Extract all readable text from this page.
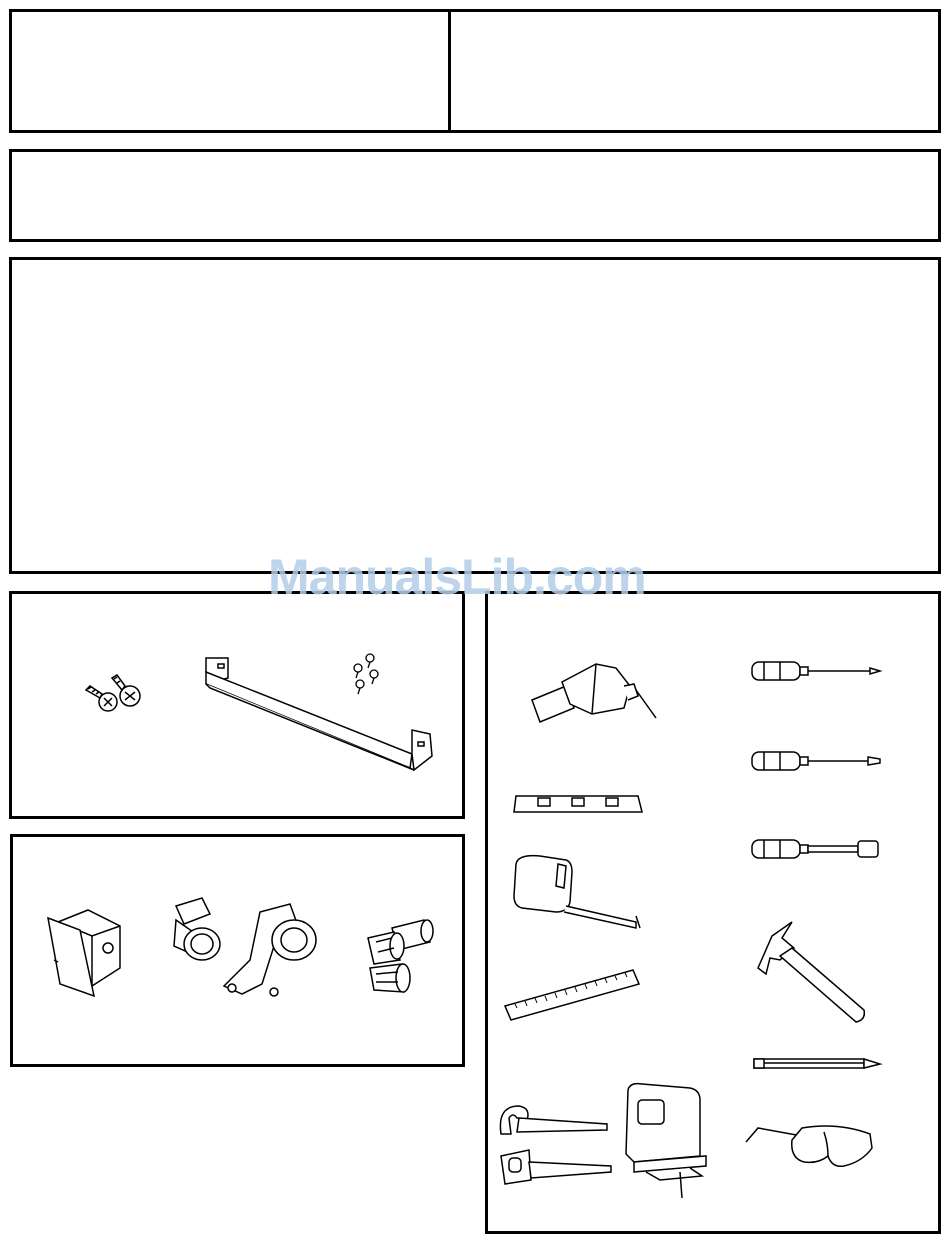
ManualsLib.com
